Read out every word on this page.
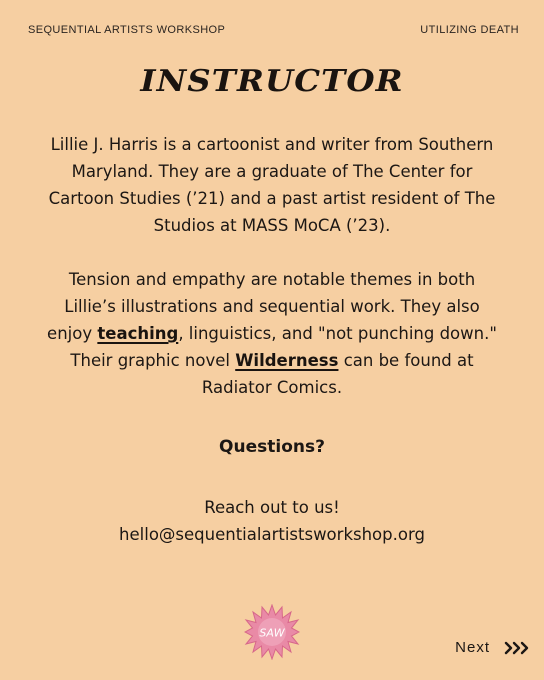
SEQUENTIAL ARTISTS WORKSHOP	UTILIZING DEATH
INSTRUCTOR

Lillie J. Harris is a cartoonist and writer from Southern Maryland. They are a graduate of The Center for Cartoon Studies (’21) and a past artist resident of The Studios at MASS MoCA (’23).

Tension and empathy are notable themes in both Lillie’s illustrations and sequential work. They also enjoy teaching, linguistics, and "not punching down." Their graphic novel Wilderness can be found at Radiator Comics.

Questions?
Reach out to us!
hello@sequentialartistsworkshop.org
SAW
Next
